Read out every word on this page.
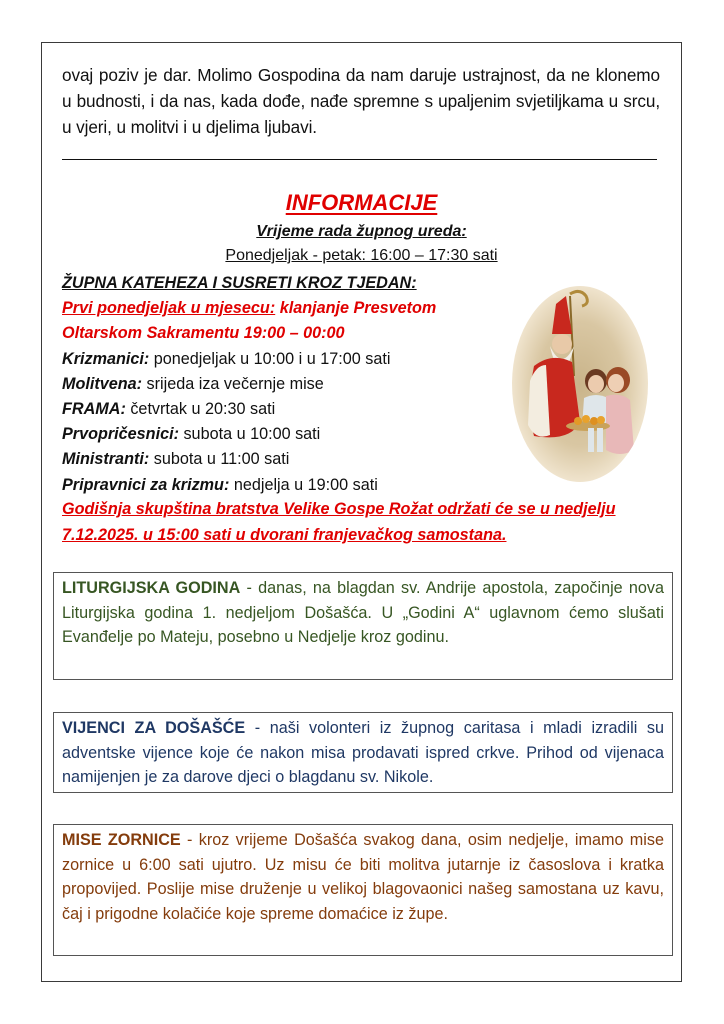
ovaj poziv je dar. Molimo Gospodina da nam daruje ustrajnost, da ne klonemo u budnosti, i da nas, kada dođe, nađe spremne s upaljenim svjetiljkama u srcu, u vjeri, u molitvi i u djelima ljubavi.

INFORMACIJE
Vrijeme rada župnog ureda:
Ponedjeljak - petak: 16:00 – 17:30 sati
ŽUPNA KATEHEZA I SUSRETI KROZ TJEDAN:
Prvi ponedjeljak u mjesecu: klanjanje Presvetom
Oltarskom Sakramentu 19:00 – 00:00
Krizmanici: ponedjeljak u 10:00 i u 17:00 sati
Molitvena: srijeda iza večernje mise
FRAMA: četvrtak u 20:30 sati
Prvopričesnici: subota u 10:00 sati
Ministranti: subota u 11:00 sati
Pripravnici za krizmu: nedjelja u 19:00 sati
Godišnja skupština bratstva Velike Gospe Rožat održati će se u nedjelju
7.12.2025. u 15:00 sati u dvorani franjevačkog samostana.
LITURGIJSKA GODINA - danas, na blagdan sv. Andrije apostola, započinje nova Liturgijska godina 1. nedjeljom Došašća. U „Godini A“ uglavnom ćemo slušati Evanđelje po Mateju, posebno u Nedjelje kroz godinu.
VIJENCI ZA DOŠAŠĆE - naši volonteri iz župnog caritasa i mladi izradili su adventske vijence koje će nakon misa prodavati ispred crkve. Prihod od vijenaca namijenjen je za darove djeci o blagdanu sv. Nikole.
MISE ZORNICE - kroz vrijeme Došašća svakog dana, osim nedjelje, imamo mise zornice u 6:00 sati ujutro. Uz misu će biti molitva jutarnje iz časoslova i kratka propovijed. Poslije mise druženje u velikoj blagovaonici našeg samostana uz kavu, čaj i prigodne kolačiće koje spreme domaćice iz župe.
